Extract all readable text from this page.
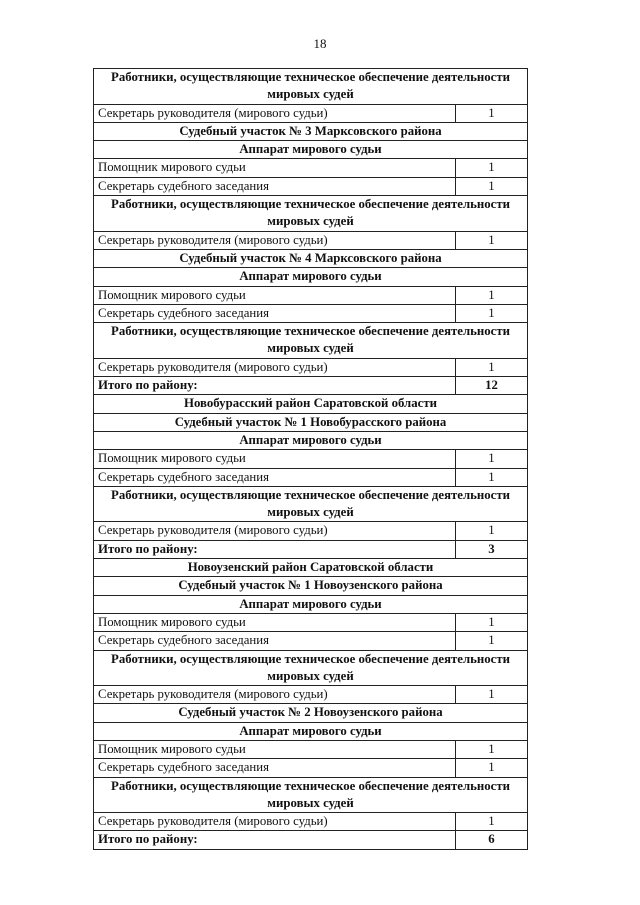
18
Работники, осуществляющие техническое обеспечение деятельности мировых судей	
Секретарь руководителя (мирового судьи)	1
Судебный участок № 3 Марксовского района	
Аппарат мирового судьи	
Помощник мирового судьи	1
Секретарь судебного заседания	1
Работники, осуществляющие техническое обеспечение деятельности мировых судей	
Секретарь руководителя (мирового судьи)	1
Судебный участок № 4 Марксовского района	
Аппарат мирового судьи	
Помощник мирового судьи	1
Секретарь судебного заседания	1
Работники, осуществляющие техническое обеспечение деятельности мировых судей	
Секретарь руководителя (мирового судьи)	1
Итого по району:	12
Новобурасский район Саратовской области	
Судебный участок № 1 Новобурасского района	
Аппарат мирового судьи	
Помощник мирового судьи	1
Секретарь судебного заседания	1
Работники, осуществляющие техническое обеспечение деятельности мировых судей	
Секретарь руководителя (мирового судьи)	1
Итого по району:	3
Новоузенский район Саратовской области	
Судебный участок № 1 Новоузенского района	
Аппарат мирового судьи	
Помощник мирового судьи	1
Секретарь судебного заседания	1
Работники, осуществляющие техническое обеспечение деятельности мировых судей	
Секретарь руководителя (мирового судьи)	1
Судебный участок № 2 Новоузенского района	
Аппарат мирового судьи	
Помощник мирового судьи	1
Секретарь судебного заседания	1
Работники, осуществляющие техническое обеспечение деятельности мировых судей	
Секретарь руководителя (мирового судьи)	1
Итого по району:	6
